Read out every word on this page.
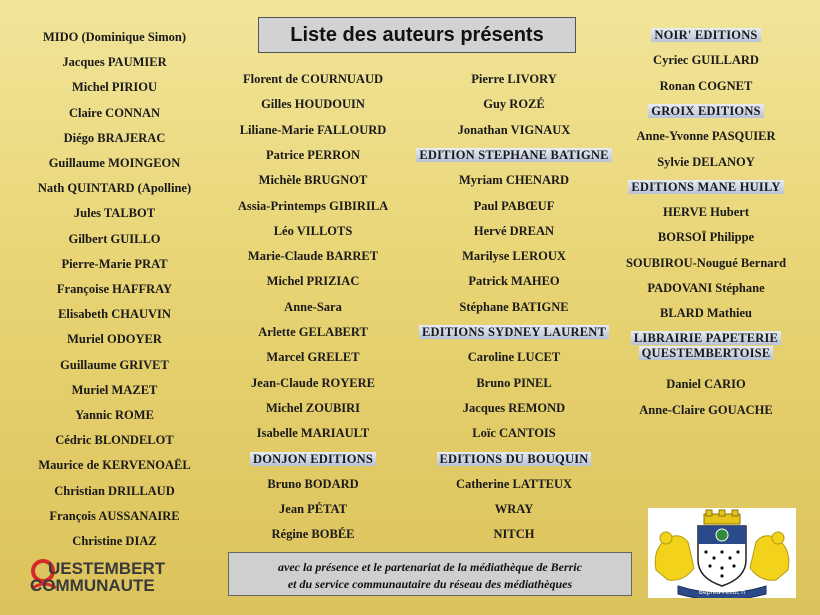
Liste des auteurs présents
MIDO (Dominique Simon)
Jacques PAUMIER
Michel PIRIOU
Claire CONNAN
Diégo BRAJERAC
Guillaume MOINGEON
Nath QUINTARD (Apolline)
Jules TALBOT
Gilbert GUILLO
Pierre-Marie PRAT
Françoise HAFFRAY
Elisabeth CHAUVIN
Muriel ODOYER
Guillaume GRIVET
Muriel MAZET
Yannic ROME
Cédric BLONDELOT
Maurice de KERVENOAËL
Christian DRILLAUD
François AUSSANAIRE
Christine DIAZ
Florent de COURNUAUD
Gilles HOUDOUIN
Liliane-Marie FALLOURD
Patrice PERRON
Michèle BRUGNOT
Assia-Printemps GIBIRILA
Léo VILLOTS
Marie-Claude BARRET
Michel PRIZIAC
Anne-Sara
Arlette GELABERT
Marcel GRELET
Jean-Claude ROYERE
Michel ZOUBIRI
Isabelle MARIAULT
DONJON EDITIONS
Bruno BODARD
Jean PÉTAT
Régine BOBÉE
Pierre LIVORY
Guy ROZÉ
Jonathan VIGNAUX
EDITION STEPHANE BATIGNE
Myriam CHENARD
Paul PABŒUF
Hervé DREAN
Marilyse LEROUX
Patrick MAHEO
Stéphane BATIGNE
EDITIONS SYDNEY LAURENT
Caroline LUCET
Bruno PINEL
Jacques REMOND
Loïc CANTOIS
EDITIONS DU BOUQUIN
Catherine LATTEUX
WRAY
NITCH
NOIR' EDITIONS
Cyriec GUILLARD
Ronan COGNET
GROIX EDITIONS
Anne-Yvonne PASQUIER
Sylvie DELANOY
EDITIONS MANE HUILY
HERVE Hubert
BORSOÏ Philippe
SOUBIROU-Nougué Bernard
PADOVANI Stéphane
BLARD Mathieu
LIBRAIRIE PAPETERIE
QUESTEMBERTOISE
Daniel CARIO
Anne-Claire GOUACHE
UESTEMBERT
COMMUNAUTE
avec la présence et le partenariat de la médiathèque de Berric
et du service communautaire du réseau des médiathèques
Bepred Pelloc'h
